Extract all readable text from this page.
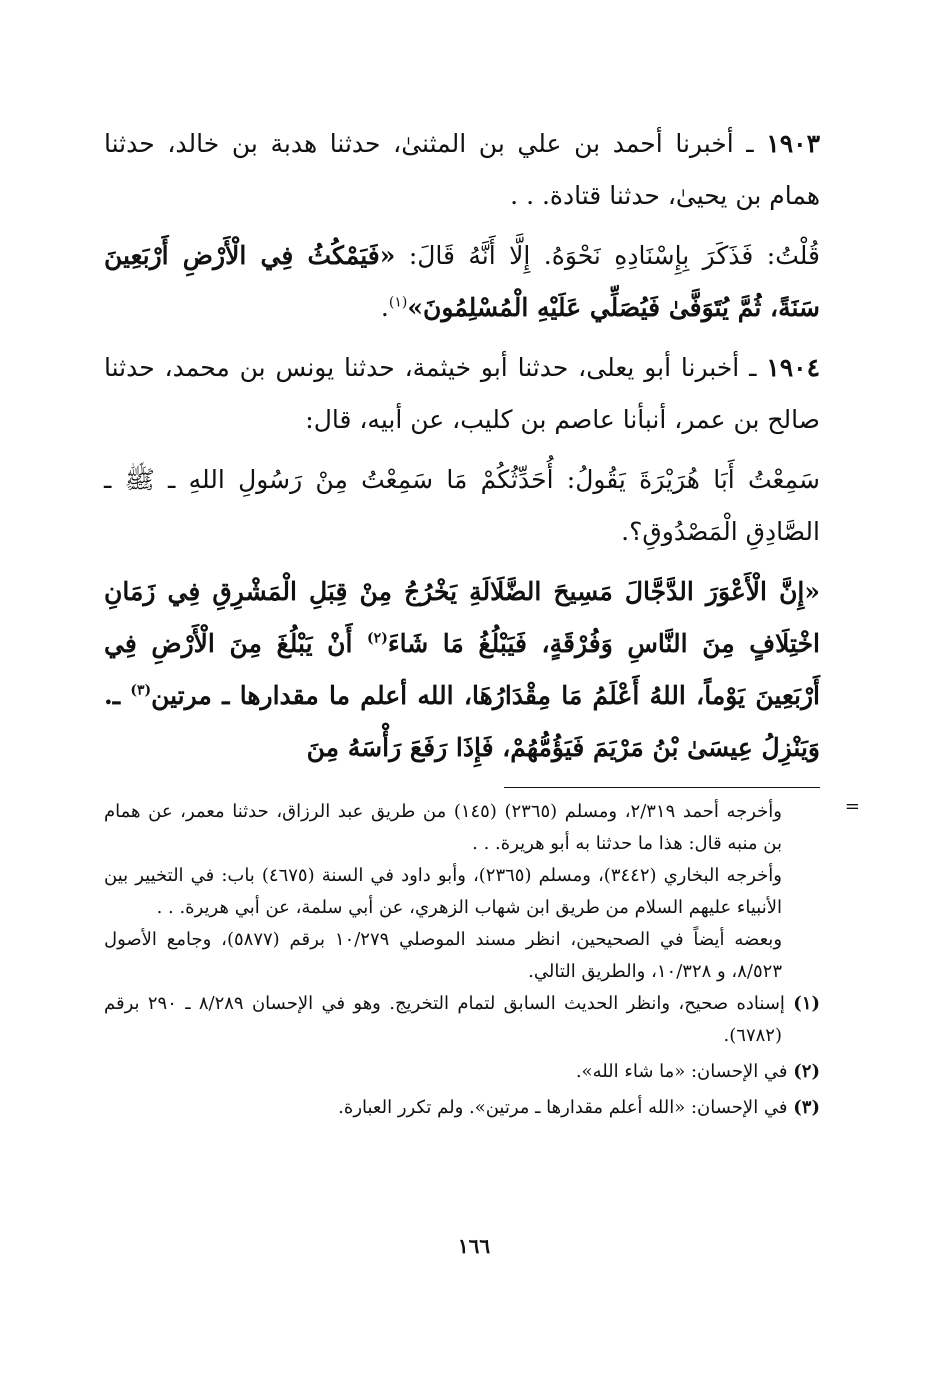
١٩٠٣ ـ أخبرنا أحمد بن علي بن المثنىٰ، حدثنا هدبة بن خالد، حدثنا همام بن يحيىٰ، حدثنا قتادة. . .

قُلْتُ: فَذَكَرَ بِإِسْنَادِهِ نَحْوَهُ. إِلَّا أَنَّهُ قَالَ: «فَيَمْكُثُ فِي الْأَرْضِ أَرْبَعِينَ سَنَةً، ثُمَّ يُتَوَفَّىٰ فَيُصَلِّي عَلَيْهِ الْمُسْلِمُونَ»$^{(١)}$.

١٩٠٤ ـ أخبرنا أبو يعلى، حدثنا أبو خيثمة، حدثنا يونس بن محمد، حدثنا صالح بن عمر، أنبأنا عاصم بن كليب، عن أبيه، قال:

سَمِعْتُ أَبَا هُرَيْرَةَ يَقُولُ: أُحَدِّثُكُمْ مَا سَمِعْتُ مِنْ رَسُولِ اللهِ ـ ﷺ ـ الصَّادِقِ الْمَصْدُوقِ؟.

«إِنَّ الْأَعْوَرَ الدَّجَّالَ مَسِيحَ الضَّلَالَةِ يَخْرُجُ مِنْ قِبَلِ الْمَشْرِقِ فِي زَمَانِ اخْتِلَافٍ مِنَ النَّاسِ وَفُرْقَةٍ، فَيَبْلُغُ مَا شَاءَ$^{(٢)}$ أَنْ يَبْلُغَ مِنَ الْأَرْضِ فِي أَرْبَعِينَ يَوْماً، اللهُ أَعْلَمُ مَا مِقْدَارُهَا، الله أعلم ما مقدارها ـ مرتين$^{(٣)}$ ـ. وَيَنْزِلُ عِيسَىٰ بْنُ مَرْيَمَ فَيَؤُمُّهُمْ، فَإِذَا رَفَعَ رَأْسَهُ مِنَ

=

وأخرجه أحمد ٢/٣١٩، ومسلم (٢٣٦٥) (١٤٥) من طريق عبد الرزاق، حدثنا معمر، عن همام بن منبه قال: هذا ما حدثنا به أبو هريرة. . .

وأخرجه البخاري (٣٤٤٢)، ومسلم (٢٣٦٥)، وأبو داود في السنة (٤٦٧٥) باب: في التخيير بين الأنبياء عليهم السلام من طريق ابن شهاب الزهري، عن أبي سلمة، عن أبي هريرة. . .

وبعضه أيضاً في الصحيحين، انظر مسند الموصلي ١٠/٢٧٩ برقم (٥٨٧٧)، وجامع الأصول ٨/٥٢٣، و ١٠/٣٢٨، والطريق التالي.

(١) إسناده صحيح، وانظر الحديث السابق لتمام التخريج. وهو في الإحسان ٨/٢٨٩ ـ ٢٩٠ برقم (٦٧٨٢).

(٢) في الإحسان: «ما شاء الله».

(٣) في الإحسان: «الله أعلم مقدارها ـ مرتين». ولم تكرر العبارة.

١٦٦
